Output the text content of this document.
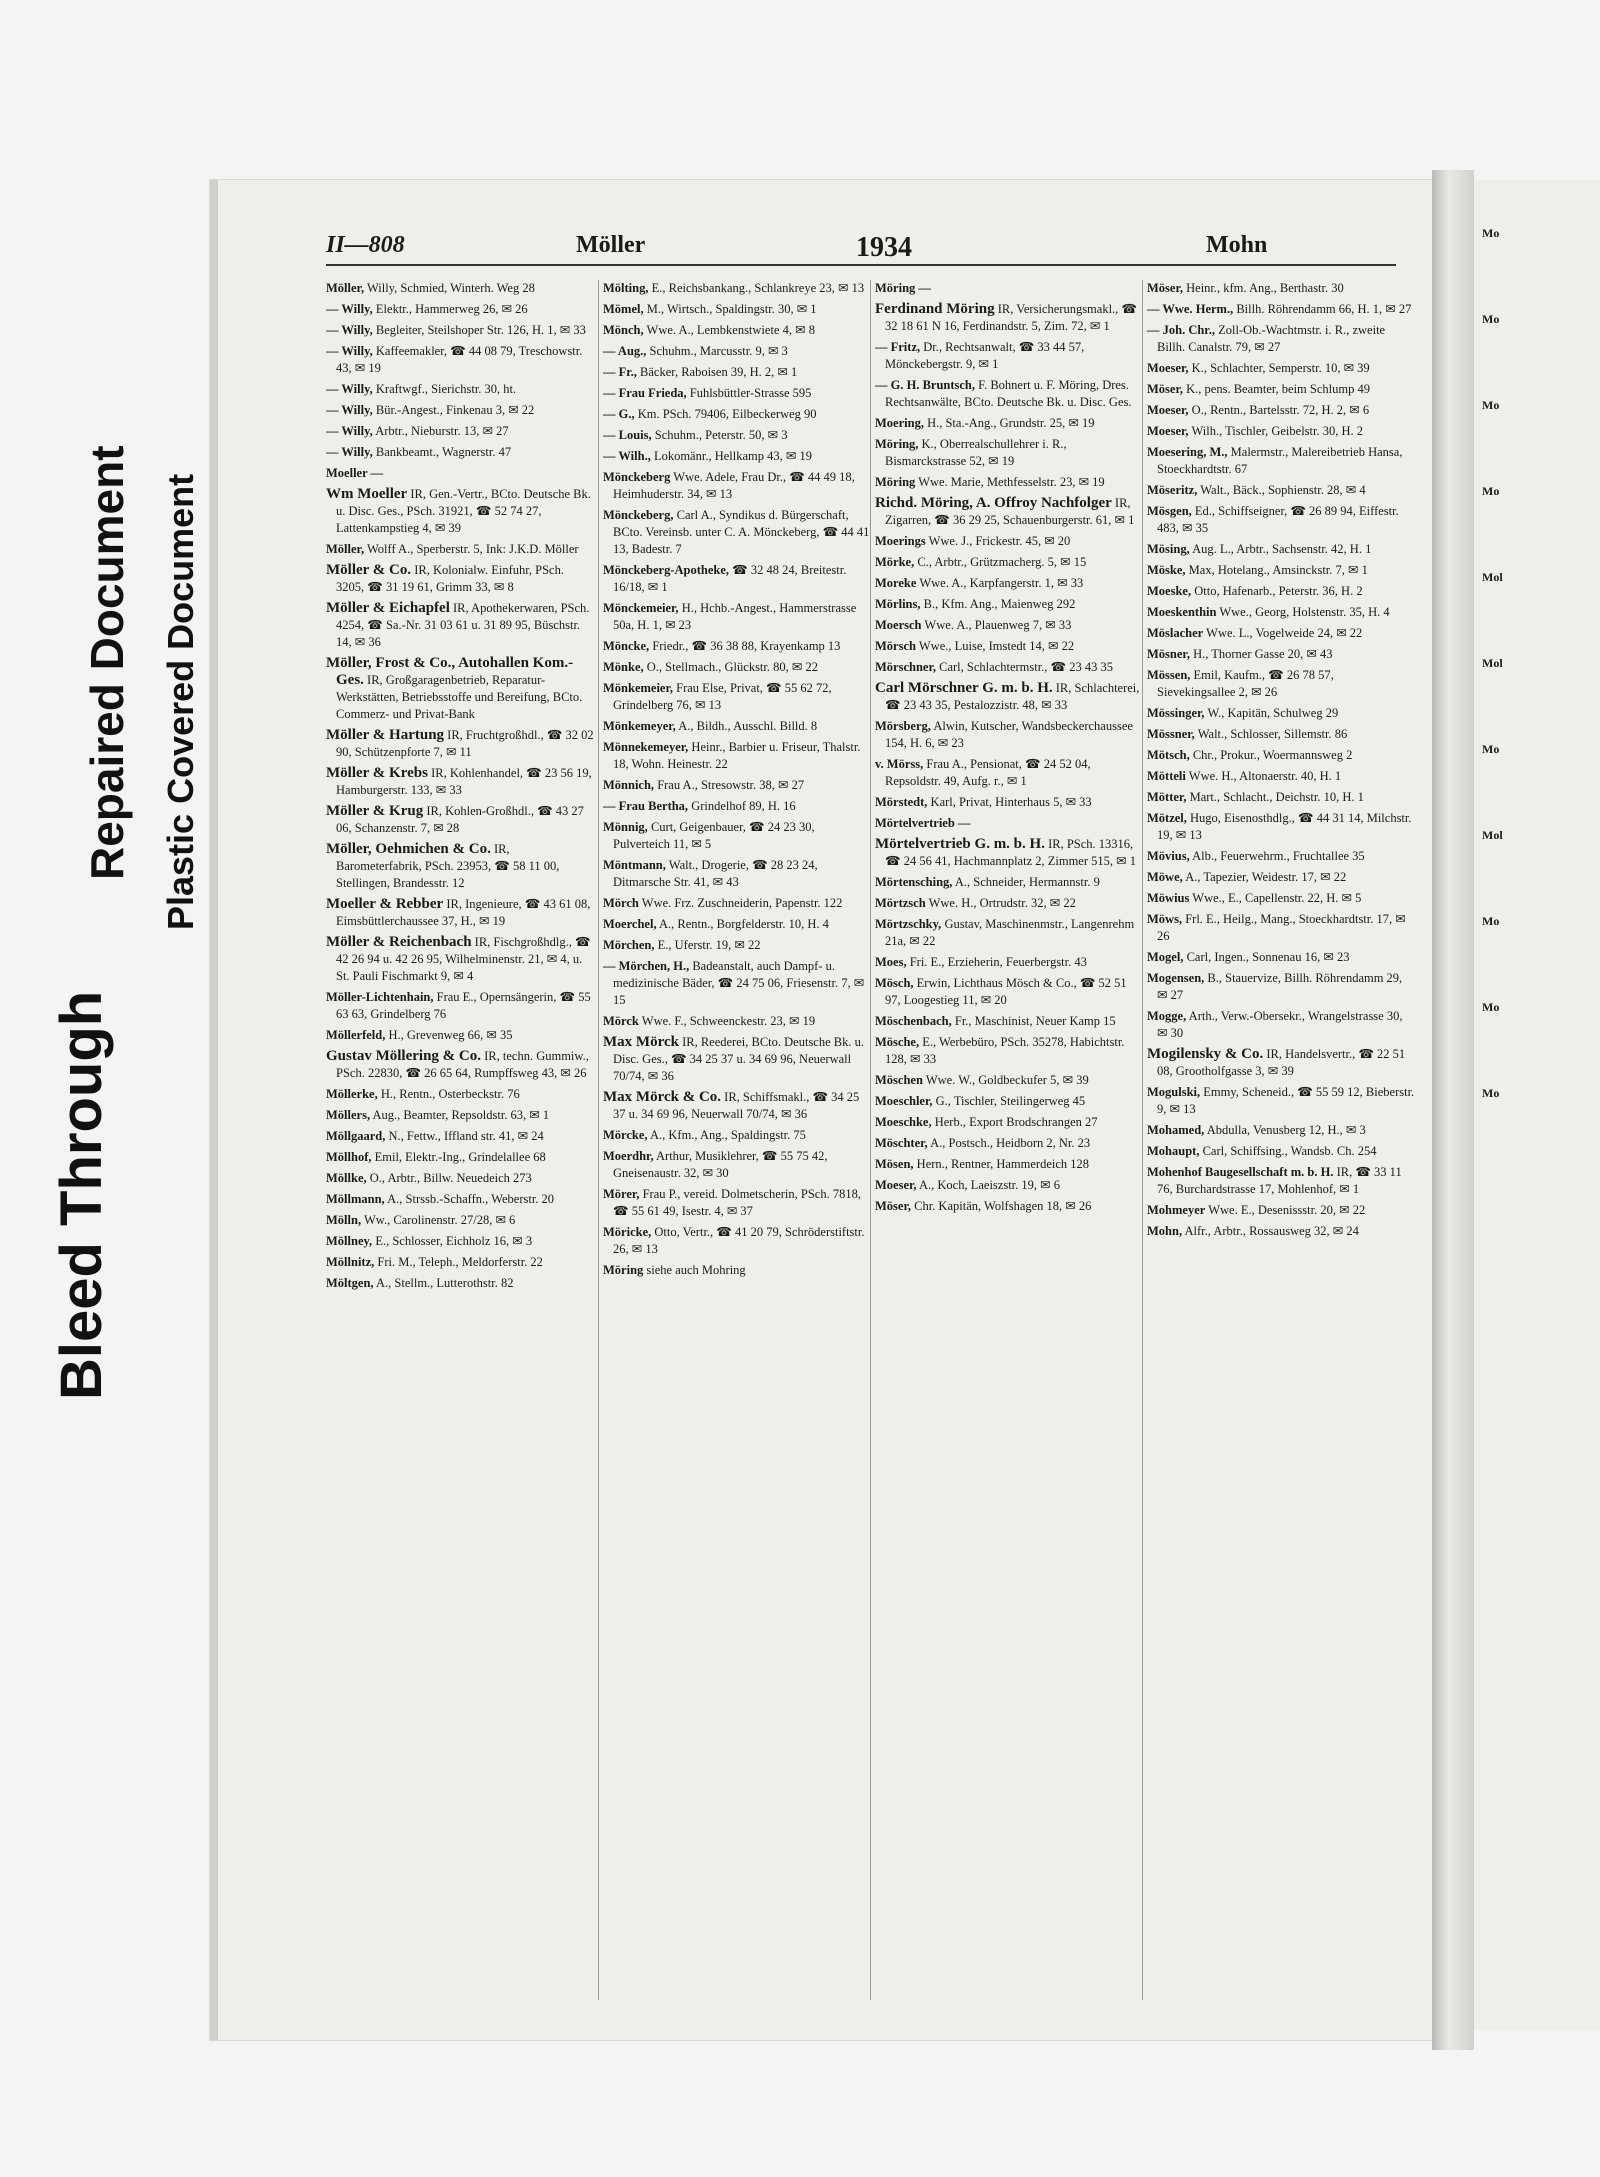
Bleed Through
Repaired Document Plastic Covered Document
II—808	Möller	1934	Mohn
Möller, Willy, Schmied, Winterh. Weg 28
— Willy, Elektr., Hammerweg 26, ✉ 26
— Willy, Begleiter, Steilshoper Str. 126, H. 1, ✉ 33
— Willy, Kaffeemakler, ☎ 44 08 79, Treschowstr. 43, ✉ 19
— Willy, Kraftwgf., Sierichstr. 30, ht.
— Willy, Bür.-Angest., Finkenau 3, ✉ 22
— Willy, Arbtr., Nieburstr. 13, ✉ 27
— Willy, Bankbeamt., Wagnerstr. 47
Moeller —
Wm Moeller IR, Gen.-Vertr., BCto. Deutsche Bk. u. Disc. Ges., PSch. 31921, ☎ 52 74 27, Lattenkampstieg 4, ✉ 39
Möller, Wolff A., Sperberstr. 5, Ink: J.K.D. Möller
Möller & Co. IR, Kolonialw. Einfuhr, PSch. 3205, ☎ 31 19 61, Grimm 33, ✉ 8
Möller & Eichapfel IR, Apothekerwaren, PSch. 4254, ☎ Sa.-Nr. 31 03 61 u. 31 89 95, Büschstr. 14, ✉ 36
Möller, Frost & Co., Autohallen Kom.-Ges. IR, Großgaragenbetrieb, Reparatur-Werkstätten, Betriebsstoffe und Bereifung, BCto. Commerz- und Privat-Bank
Möller & Hartung IR, Fruchtgroßhdl., ☎ 32 02 90, Schützenpforte 7, ✉ 11
Möller & Krebs IR, Kohlenhandel, ☎ 23 56 19, Hamburgerstr. 133, ✉ 33
Möller & Krug IR, Kohlen-Großhdl., ☎ 43 27 06, Schanzenstr. 7, ✉ 28
Möller, Oehmichen & Co. IR, Barometerfabrik, PSch. 23953, ☎ 58 11 00, Stellingen, Brandesstr. 12
Moeller & Rebber IR, Ingenieure, ☎ 43 61 08, Eimsbüttlerchaussee 37, H., ✉ 19
Möller & Reichenbach IR, Fischgroßhdlg., ☎ 42 26 94 u. 42 26 95, Wilhelminenstr. 21, ✉ 4, u. St. Pauli Fischmarkt 9, ✉ 4
Möller-Lichtenhain, Frau E., Opernsängerin, ☎ 55 63 63, Grindelberg 76
Möllerfeld, H., Grevenweg 66, ✉ 35
Gustav Möllering & Co. IR, techn. Gummiw., PSch. 22830, ☎ 26 65 64, Rumpffsweg 43, ✉ 26
Möllerke, H., Rentn., Osterbeckstr. 76
Möllers, Aug., Beamter, Repsoldstr. 63, ✉ 1
Möllgaard, N., Fettw., Iffland str. 41, ✉ 24
Möllhof, Emil, Elektr.-Ing., Grindelallee 68
Möllke, O., Arbtr., Billw. Neuedeich 273
Möllmann, A., Strssb.-Schaffn., Weberstr. 20
Mölln, Ww., Carolinenstr. 27/28, ✉ 6
Möllney, E., Schlosser, Eichholz 16, ✉ 3
Möllnitz, Fri. M., Teleph., Meldorferstr. 22
Möltgen, A., Stellm., Lutterothstr. 82
Mölting, E., Reichsbankang., Schlankreye 23, ✉ 13
Mömel, M., Wirtsch., Spaldingstr. 30, ✉ 1
Mönch, Wwe. A., Lembkenstwiete 4, ✉ 8
— Aug., Schuhm., Marcusstr. 9, ✉ 3
— Fr., Bäcker, Raboisen 39, H. 2, ✉ 1
— Frau Frieda, Fuhlsbüttler-Strasse 595
— G., Km. PSch. 79406, Eilbeckerweg 90
— Louis, Schuhm., Peterstr. 50, ✉ 3
— Wilh., Lokomänr., Hellkamp 43, ✉ 19
Mönckeberg Wwe. Adele, Frau Dr., ☎ 44 49 18, Heimhuderstr. 34, ✉ 13
Mönckeberg, Carl A., Syndikus d. Bürgerschaft, BCto. Vereinsb. unter C. A. Mönckeberg, ☎ 44 41 13, Badestr. 7
Mönckeberg-Apotheke, ☎ 32 48 24, Breitestr. 16/18, ✉ 1
Mönckemeier, H., Hchb.-Angest., Hammerstrasse 50a, H. 1, ✉ 23
Möncke, Friedr., ☎ 36 38 88, Krayenkamp 13
Mönke, O., Stellmach., Glückstr. 80, ✉ 22
Mönkemeier, Frau Else, Privat, ☎ 55 62 72, Grindelberg 76, ✉ 13
Mönkemeyer, A., Bildh., Ausschl. Billd. 8
Mönnekemeyer, Heinr., Barbier u. Friseur, Thalstr. 18, Wohn. Heinestr. 22
Mönnich, Frau A., Stresowstr. 38, ✉ 27
— Frau Bertha, Grindelhof 89, H. 16
Mönnig, Curt, Geigenbauer, ☎ 24 23 30, Pulverteich 11, ✉ 5
Möntmann, Walt., Drogerie, ☎ 28 23 24, Ditmarsche Str. 41, ✉ 43
Mörch Wwe. Frz. Zuschneiderin, Papenstr. 122
Moerchel, A., Rentn., Borgfelderstr. 10, H. 4
Mörchen, E., Uferstr. 19, ✉ 22
— Mörchen, H., Badeanstalt, auch Dampf- u. medizinische Bäder, ☎ 24 75 06, Friesenstr. 7, ✉ 15
Mörck Wwe. F., Schweenckestr. 23, ✉ 19
Max Mörck IR, Reederei, BCto. Deutsche Bk. u. Disc. Ges., ☎ 34 25 37 u. 34 69 96, Neuerwall 70/74, ✉ 36
Max Mörck & Co. IR, Schiffsmakl., ☎ 34 25 37 u. 34 69 96, Neuerwall 70/74, ✉ 36
Mörcke, A., Kfm., Ang., Spaldingstr. 75
Moerdhr, Arthur, Musiklehrer, ☎ 55 75 42, Gneisenaustr. 32, ✉ 30
Mörer, Frau P., vereid. Dolmetscherin, PSch. 7818, ☎ 55 61 49, Isestr. 4, ✉ 37
Möricke, Otto, Vertr., ☎ 41 20 79, Schröderstiftstr. 26, ✉ 13
Möring siehe auch Mohring
Möring —
Ferdinand Möring IR, Versicherungsmakl., ☎ 32 18 61 N 16, Ferdinandstr. 5, Zim. 72, ✉ 1
— Fritz, Dr., Rechtsanwalt, ☎ 33 44 57, Mönckebergstr. 9, ✉ 1
— G. H. Bruntsch, F. Bohnert u. F. Möring, Dres. Rechtsanwälte, BCto. Deutsche Bk. u. Disc. Ges.
Moering, H., Sta.-Ang., Grundstr. 25, ✉ 19
Möring, K., Oberrealschullehrer i. R., Bismarckstrasse 52, ✉ 19
Möring Wwe. Marie, Methfesselstr. 23, ✉ 19
Richd. Möring, A. Offroy Nachfolger IR, Zigarren, ☎ 36 29 25, Schauenburgerstr. 61, ✉ 1
Moerings Wwe. J., Frickestr. 45, ✉ 20
Mörke, C., Arbtr., Grützmacherg. 5, ✉ 15
Moreke Wwe. A., Karpfangerstr. 1, ✉ 33
Mörlins, B., Kfm. Ang., Maienweg 292
Moersch Wwe. A., Plauenweg 7, ✉ 33
Mörsch Wwe., Luise, Imstedt 14, ✉ 22
Mörschner, Carl, Schlachtermstr., ☎ 23 43 35
Carl Mörschner G. m. b. H. IR, Schlachterei, ☎ 23 43 35, Pestalozzistr. 48, ✉ 33
Mörsberg, Alwin, Kutscher, Wandsbeckerchaussee 154, H. 6, ✉ 23
v. Mörss, Frau A., Pensionat, ☎ 24 52 04, Repsoldstr. 49, Aufg. r., ✉ 1
Mörstedt, Karl, Privat, Hinterhaus 5, ✉ 33
Mörtelvertrieb —
Mörtelvertrieb G. m. b. H. IR, PSch. 13316, ☎ 24 56 41, Hachmannplatz 2, Zimmer 515, ✉ 1
Mörtensching, A., Schneider, Hermannstr. 9
Mörtzsch Wwe. H., Ortrudstr. 32, ✉ 22
Mörtzschky, Gustav, Maschinenmstr., Langenrehm 21a, ✉ 22
Moes, Fri. E., Erzieherin, Feuerbergstr. 43
Mösch, Erwin, Lichthaus Mösch & Co., ☎ 52 51 97, Loogestieg 11, ✉ 20
Möschenbach, Fr., Maschinist, Neuer Kamp 15
Mösche, E., Werbebüro, PSch. 35278, Habichtstr. 128, ✉ 33
Möschen Wwe. W., Goldbeckufer 5, ✉ 39
Moeschler, G., Tischler, Steilingerweg 45
Moeschke, Herb., Export Brodschrangen 27
Möschter, A., Postsch., Heidborn 2, Nr. 23
Mösen, Hern., Rentner, Hammerdeich 128
Moeser, A., Koch, Laeiszstr. 19, ✉ 6
Möser, Chr. Kapitän, Wolfshagen 18, ✉ 26
Möser, Heinr., kfm. Ang., Berthastr. 30
— Wwe. Herm., Billh. Röhrendamm 66, H. 1, ✉ 27
— Joh. Chr., Zoll-Ob.-Wachtmstr. i. R., zweite Billh. Canalstr. 79, ✉ 27
Moeser, K., Schlachter, Semperstr. 10, ✉ 39
Möser, K., pens. Beamter, beim Schlump 49
Moeser, O., Rentn., Bartelsstr. 72, H. 2, ✉ 6
Moeser, Wilh., Tischler, Geibelstr. 30, H. 2
Moesering, M., Malermstr., Malereibetrieb Hansa, Stoeckhardtstr. 67
Möseritz, Walt., Bäck., Sophienstr. 28, ✉ 4
Mösgen, Ed., Schiffseigner, ☎ 26 89 94, Eiffestr. 483, ✉ 35
Mösing, Aug. L., Arbtr., Sachsenstr. 42, H. 1
Möske, Max, Hotelang., Amsinckstr. 7, ✉ 1
Moeske, Otto, Hafenarb., Peterstr. 36, H. 2
Moeskenthin Wwe., Georg, Holstenstr. 35, H. 4
Möslacher Wwe. L., Vogelweide 24, ✉ 22
Mösner, H., Thorner Gasse 20, ✉ 43
Mössen, Emil, Kaufm., ☎ 26 78 57, Sievekingsallee 2, ✉ 26
Mössinger, W., Kapitän, Schulweg 29
Mössner, Walt., Schlosser, Sillemstr. 86
Mötsch, Chr., Prokur., Woermannsweg 2
Mötteli Wwe. H., Altonaerstr. 40, H. 1
Mötter, Mart., Schlacht., Deichstr. 10, H. 1
Mötzel, Hugo, Eisenosthdlg., ☎ 44 31 14, Milchstr. 19, ✉ 13
Mövius, Alb., Feuerwehrm., Fruchtallee 35
Möwe, A., Tapezier, Weidestr. 17, ✉ 22
Möwius Wwe., E., Capellenstr. 22, H. ✉ 5
Möws, Frl. E., Heilg., Mang., Stoeckhardtstr. 17, ✉ 26
Mogel, Carl, Ingen., Sonnenau 16, ✉ 23
Mogensen, B., Stauervize, Billh. Röhrendamm 29, ✉ 27
Mogge, Arth., Verw.-Obersekr., Wrangelstrasse 30, ✉ 30
Mogilensky & Co. IR, Handelsvertr., ☎ 22 51 08, Grootholfgasse 3, ✉ 39
Mogulski, Emmy, Scheneid., ☎ 55 59 12, Bieberstr. 9, ✉ 13
Mohamed, Abdulla, Venusberg 12, H., ✉ 3
Mohaupt, Carl, Schiffsing., Wandsb. Ch. 254
Mohenhof Baugesellschaft m. b. H. IR, ☎ 33 11 76, Burchardstrasse 17, Mohlenhof, ✉ 1
Mohmeyer Wwe. E., Desenissstr. 20, ✉ 22
Mohn, Alfr., Arbtr., Rossausweg 32, ✉ 24
Mo
Mo
Mo
Mo
Mol
Mol
Mo
Mol
Mo
Mo
Mo
